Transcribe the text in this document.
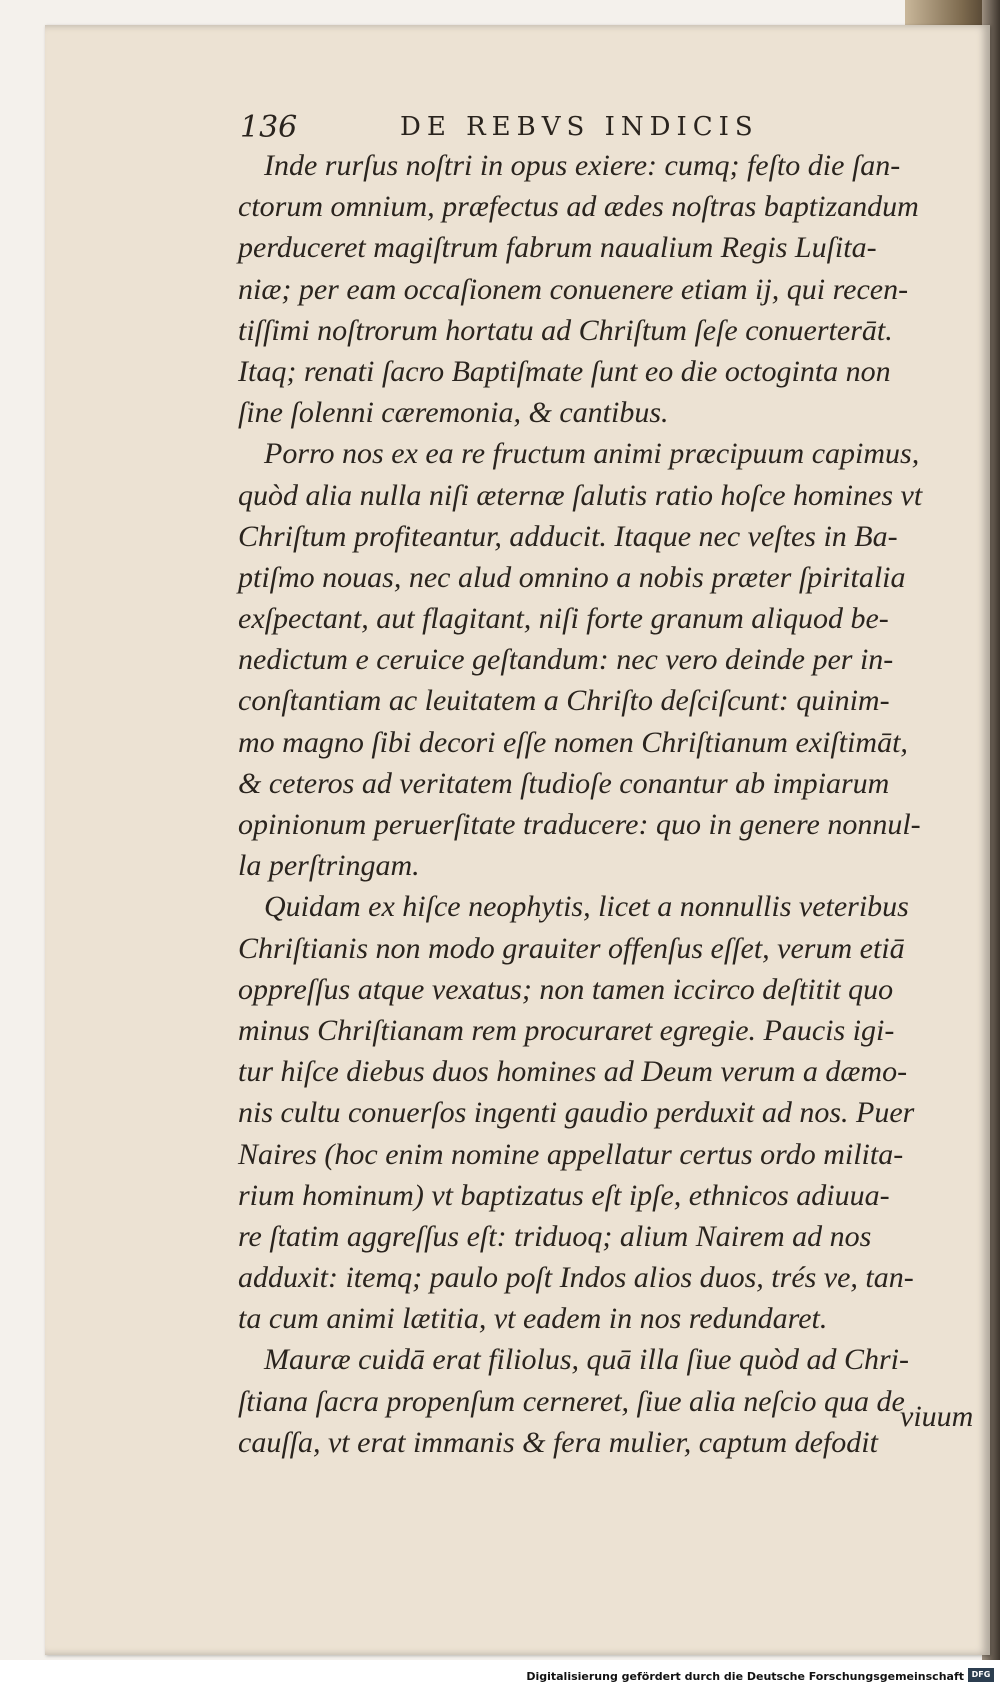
136	DE REBVS INDICIS
Inde rurſus noſtri in opus exiere: cumq; feſto die ſan-
ctorum omnium, præfectus ad ædes noſtras baptizandum
perduceret magiſtrum fabrum naualium Regis Luſita-
niæ; per eam occaſionem conuenere etiam ij, qui recen-
tiſſimi noſtrorum hortatu ad Chriſtum ſeſe conuerterāt.
Itaq; renati ſacro Baptiſmate ſunt eo die octoginta non
ſine ſolenni cæremonia, & cantibus.
Porro nos ex ea re fructum animi præcipuum capimus,
quòd alia nulla niſi æternæ ſalutis ratio hoſce homines vt
Chriſtum profiteantur, adducit. Itaque nec veſtes in Ba-
ptiſmo nouas, nec alud omnino a nobis præter ſpiritalia
exſpectant, aut flagitant, niſi forte granum aliquod be-
nedictum e ceruice geſtandum: nec vero deinde per in-
conſtantiam ac leuitatem a Chriſto deſciſcunt: quinim-
mo magno ſibi decori eſſe nomen Chriſtianum exiſtimāt,
& ceteros ad veritatem ſtudioſe conantur ab impiarum
opinionum peruerſitate traducere: quo in genere nonnul-
la perſtringam.
Quidam ex hiſce neophytis, licet a nonnullis veteribus
Chriſtianis non modo grauiter offenſus eſſet, verum etiā
oppreſſus atque vexatus; non tamen iccirco deſtitit quo
minus Chriſtianam rem procuraret egregie. Paucis igi-
tur hiſce diebus duos homines ad Deum verum a dæmo-
nis cultu conuerſos ingenti gaudio perduxit ad nos. Puer
Naires (hoc enim nomine appellatur certus ordo milita-
rium hominum) vt baptizatus eſt ipſe, ethnicos adiuua-
re ſtatim aggreſſus eſt: triduoq; alium Nairem ad nos
adduxit: itemq; paulo poſt Indos alios duos, trés ve, tan-
ta cum animi lætitia, vt eadem in nos redundaret.
Mauræ cuidā erat filiolus, quā illa ſiue quòd ad Chri-
ſtiana ſacra propenſum cerneret, ſiue alia neſcio qua de
cauſſa, vt erat immanis & fera mulier, captum defodit
viuum
Digitalisierung gefördert durch die Deutsche Forschungsgemeinschaft DFG
